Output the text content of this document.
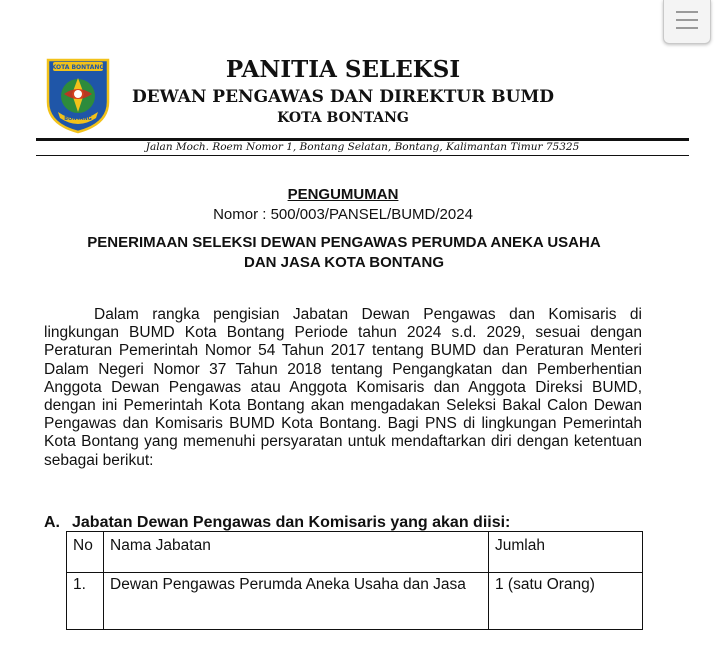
KOTA BONTANG
BONTANG
PANITIA SELEKSI
DEWAN PENGAWAS DAN DIREKTUR BUMD
KOTA BONTANG
Jalan Moch. Roem Nomor 1, Bontang Selatan, Bontang, Kalimantan Timur 75325
PENGUMUMAN
Nomor : 500/003/PANSEL/BUMD/2024
PENERIMAAN SELEKSI DEWAN PENGAWAS PERUMDA ANEKA USAHA
DAN JASA KOTA BONTANG
Dalam rangka pengisian Jabatan Dewan Pengawas dan Komisaris di lingkungan BUMD Kota Bontang Periode tahun 2024 s.d. 2029, sesuai dengan Peraturan Pemerintah Nomor 54 Tahun 2017 tentang BUMD dan Peraturan Menteri Dalam Negeri Nomor 37 Tahun 2018 tentang Pengangkatan dan Pemberhentian Anggota Dewan Pengawas atau Anggota Komisaris dan Anggota Direksi BUMD, dengan ini Pemerintah Kota Bontang akan mengadakan Seleksi Bakal Calon Dewan Pengawas dan Komisaris BUMD Kota Bontang. Bagi PNS di lingkungan Pemerintah Kota Bontang yang memenuhi persyaratan untuk mendaftarkan diri dengan ketentuan sebagai berikut:
A. Jabatan Dewan Pengawas dan Komisaris yang akan diisi:
No	Nama Jabatan	Jumlah
1.	Dewan Pengawas Perumda Aneka Usaha dan Jasa	1 (satu Orang)
